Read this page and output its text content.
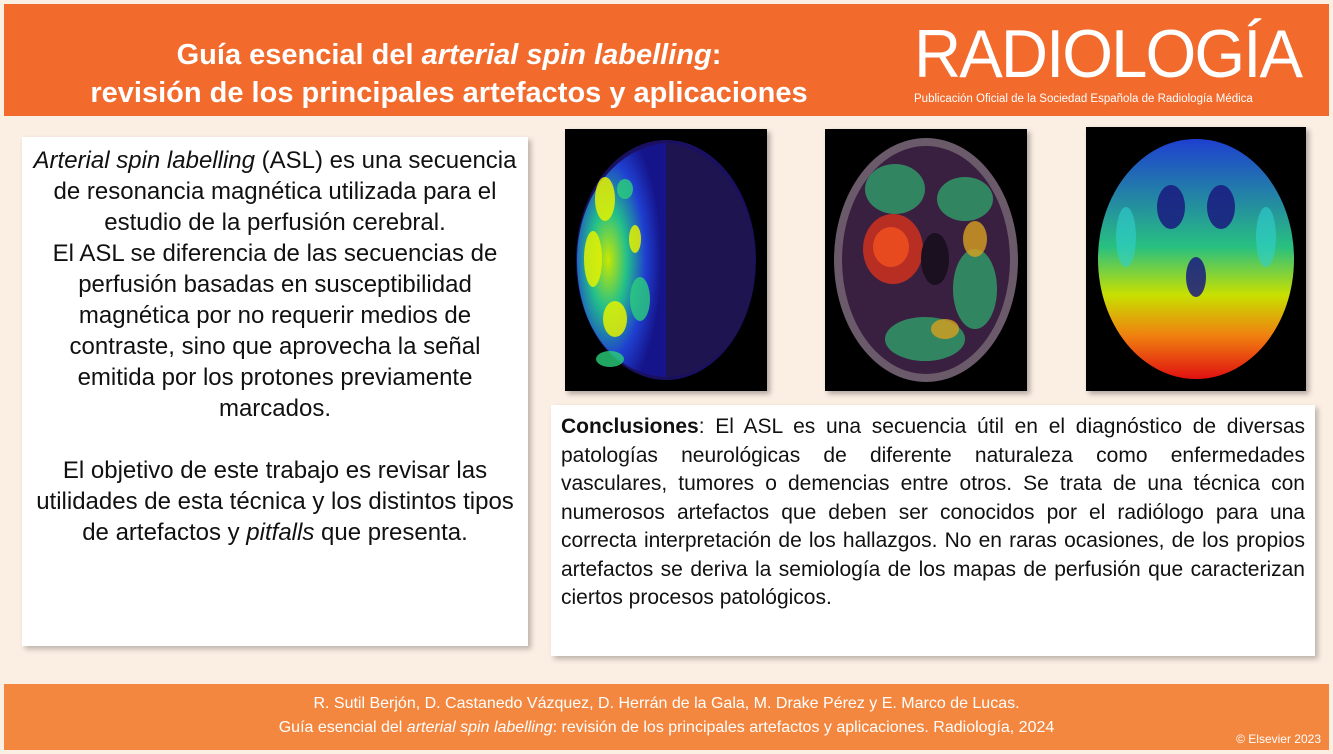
Guía esencial del arterial spin labelling:
revisión de los principales artefactos y aplicaciones
RADIOLOGÍA
Publicación Oficial de la Sociedad Española de Radiología Médica

Arterial spin labelling (ASL) es una secuencia de resonancia magnética utilizada para el estudio de la perfusión cerebral.

El ASL se diferencia de las secuencias de perfusión basadas en susceptibilidad magnética por no requerir medios de contraste, sino que aprovecha la señal emitida por los protones previamente marcados.

El objetivo de este trabajo es revisar las utilidades de esta técnica y los distintos tipos de artefactos y pitfalls que presenta.

Conclusiones: El ASL es una secuencia útil en el diagnóstico de diversas patologías neurológicas de diferente naturaleza como enfermedades vasculares, tumores o demencias entre otros. Se trata de una técnica con numerosos artefactos que deben ser conocidos por el radiólogo para una correcta interpretación de los hallazgos. No en raras ocasiones, de los propios artefactos se deriva la semiología de los mapas de perfusión que caracterizan ciertos procesos patológicos.
R. Sutil Berjón, D. Castanedo Vázquez, D. Herrán de la Gala, M. Drake Pérez y E. Marco de Lucas.
Guía esencial del arterial spin labelling: revisión de los principales artefactos y aplicaciones. Radiología, 2024
© Elsevier 2023
